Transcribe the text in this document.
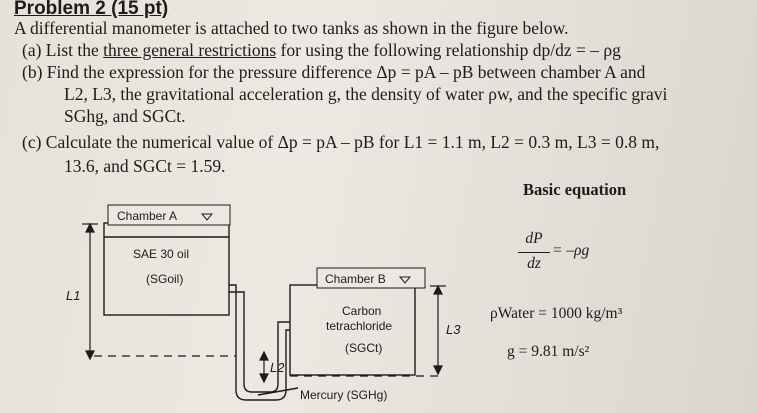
Problem 2 (15 pt)
A differential manometer is attached to two tanks as shown in the figure below.
(a) List the three general restrictions for using the following relationship dp/dz = – ρg
(b) Find the expression for the pressure difference Δp = pA – pB between chamber A and
L2, L3, the gravitational acceleration g, the density of water ρw, and the specific gravi
SGhg, and SGCt.
(c) Calculate the numerical value of Δp = pA – pB for L1 = 1.1 m, L2 = 0.3 m, L3 = 0.8 m,
13.6, and SGCt = 1.59.
Basic equation
dP
dz
= –ρg
ρWater = 1000 kg/m³
g = 9.81 m/s²
Chamber A
SAE 30 oil
(SGoil)	Chamber B
Carbon
tetrachloride
(SGCt)
Mercury (SGHg)
L1
L2
L3
